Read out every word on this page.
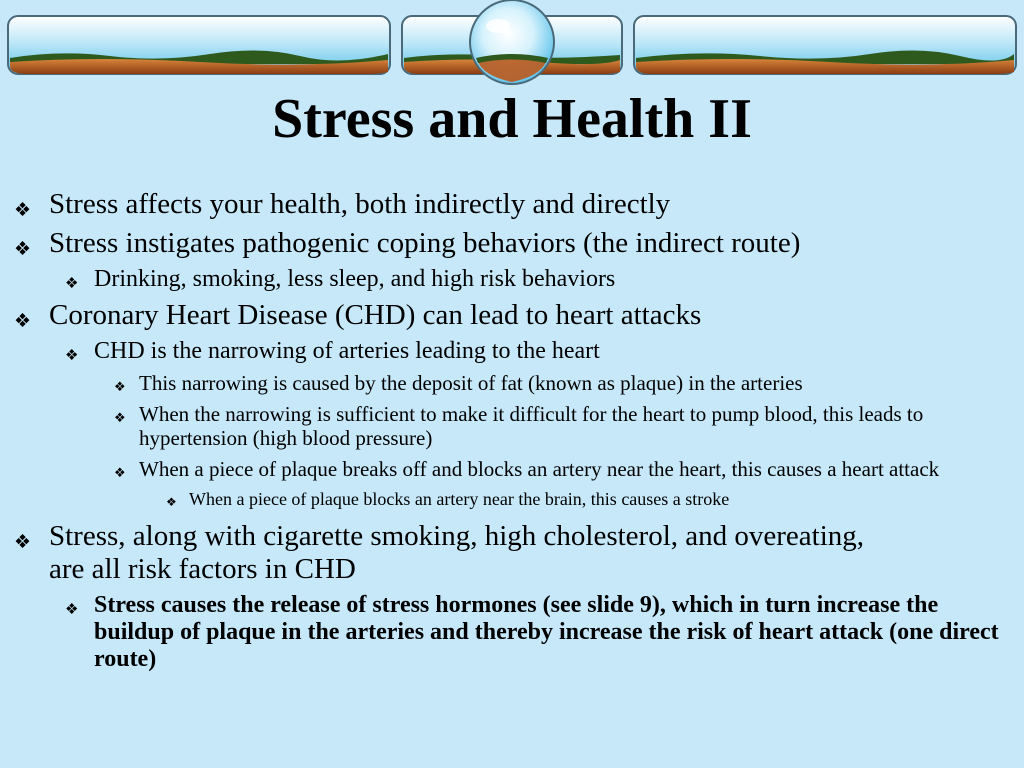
Stress and Health II
❖ Stress affects your health, both indirectly and directly
❖ Stress instigates pathogenic coping behaviors (the indirect route)
❖ Drinking, smoking, less sleep, and high risk behaviors
❖ Coronary Heart Disease (CHD) can lead to heart attacks
❖ CHD is the narrowing of arteries leading to the heart
❖ This narrowing is caused by the deposit of fat (known as plaque) in the arteries
❖ When the narrowing is sufficient to make it difficult for the heart to pump blood, this leads to hypertension (high blood pressure)
❖ When a piece of plaque breaks off and blocks an artery near the heart, this causes a heart attack
❖ When a piece of plaque blocks an artery near the brain, this causes a stroke
❖ Stress, along with cigarette smoking, high cholesterol, and overeating, are all risk factors in CHD
❖ Stress causes the release of stress hormones (see slide 9), which in turn increase the buildup of plaque in the arteries and thereby increase the risk of heart attack (one direct route)
